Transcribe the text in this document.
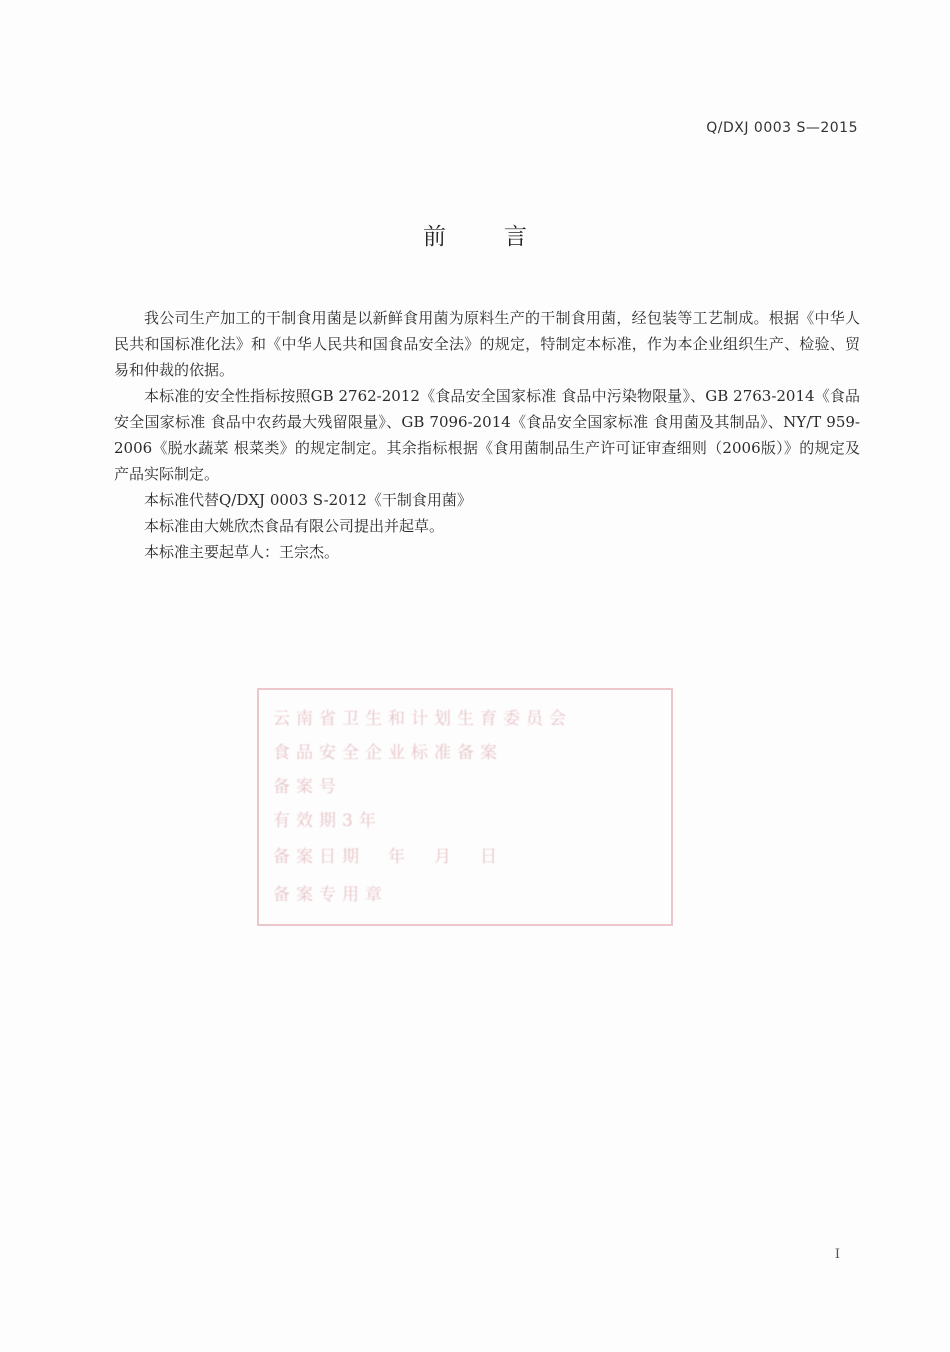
Q/DXJ 0003 S—2015
前言

我公司生产加工的干制食用菌是以新鲜食用菌为原料生产的干制食用菌，经包装等工艺制成。根据《中华人民共和国标准化法》和《中华人民共和国食品安全法》的规定，特制定本标准，作为本企业组织生产、检验、贸易和仲裁的依据。

本标准的安全性指标按照GB 2762-2012《食品安全国家标准 食品中污染物限量》、GB 2763-2014《食品安全国家标准 食品中农药最大残留限量》、GB 7096-2014《食品安全国家标准 食用菌及其制品》、NY/T 959-2006《脱水蔬菜 根菜类》的规定制定。其余指标根据《食用菌制品生产许可证审查细则（2006版）》的规定及产品实际制定。

本标准代替Q/DXJ 0003 S-2012《干制食用菌》

本标准由大姚欣杰食品有限公司提出并起草。

本标准主要起草人：王宗杰。

云南省卫生和计划生育委员会
食品安全企业标准备案
备案号
有效期3年
备案日期　年　月　日
备案专用章
I
